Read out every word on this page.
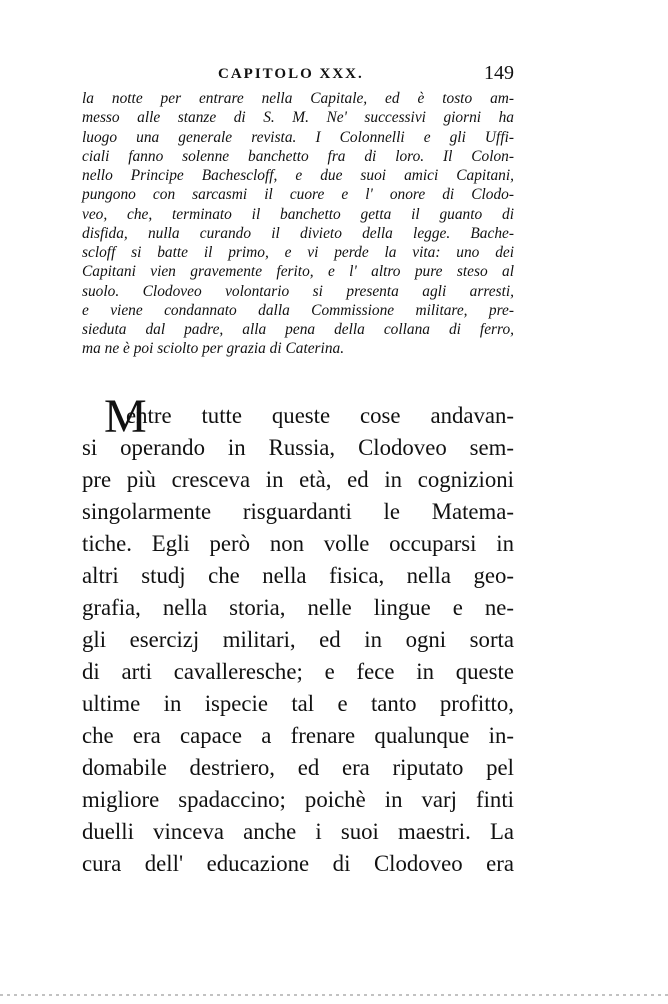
CAPITOLO XXX.	149
la notte per entrare nella Capitale, ed è tosto am-
messo alle stanze di S. M. Ne' successivi giorni ha
luogo una generale revista. I Colonnelli e gli Uffi-
ciali fanno solenne banchetto fra di loro. Il Colon-
nello Principe Bachescloff, e due suoi amici Capitani,
pungono con sarcasmi il cuore e l' onore di Clodo-
veo, che, terminato il banchetto getta il guanto di
disfida, nulla curando il divieto della legge. Bache-
scloff si batte il primo, e vi perde la vita: uno dei
Capitani vien gravemente ferito, e l' altro pure steso al
suolo. Clodoveo volontario si presenta agli arresti,
e viene condannato dalla Commissione militare, pre-
sieduta dal padre, alla pena della collana di ferro,
ma ne è poi sciolto per grazia di Caterina.
M
entre tutte queste cose andavan-
si operando in Russia, Clodoveo sem-
pre più cresceva in età, ed in cognizioni
singolarmente risguardanti le Matema-
tiche. Egli però non volle occuparsi in
altri studj che nella fisica, nella geo-
grafia, nella storia, nelle lingue e ne-
gli esercizj militari, ed in ogni sorta
di arti cavalleresche; e fece in queste
ultime in ispecie tal e tanto profitto,
che era capace a frenare qualunque in-
domabile destriero, ed era riputato pel
migliore spadaccino; poichè in varj finti
duelli vinceva anche i suoi maestri. La
cura dell' educazione di Clodoveo era
